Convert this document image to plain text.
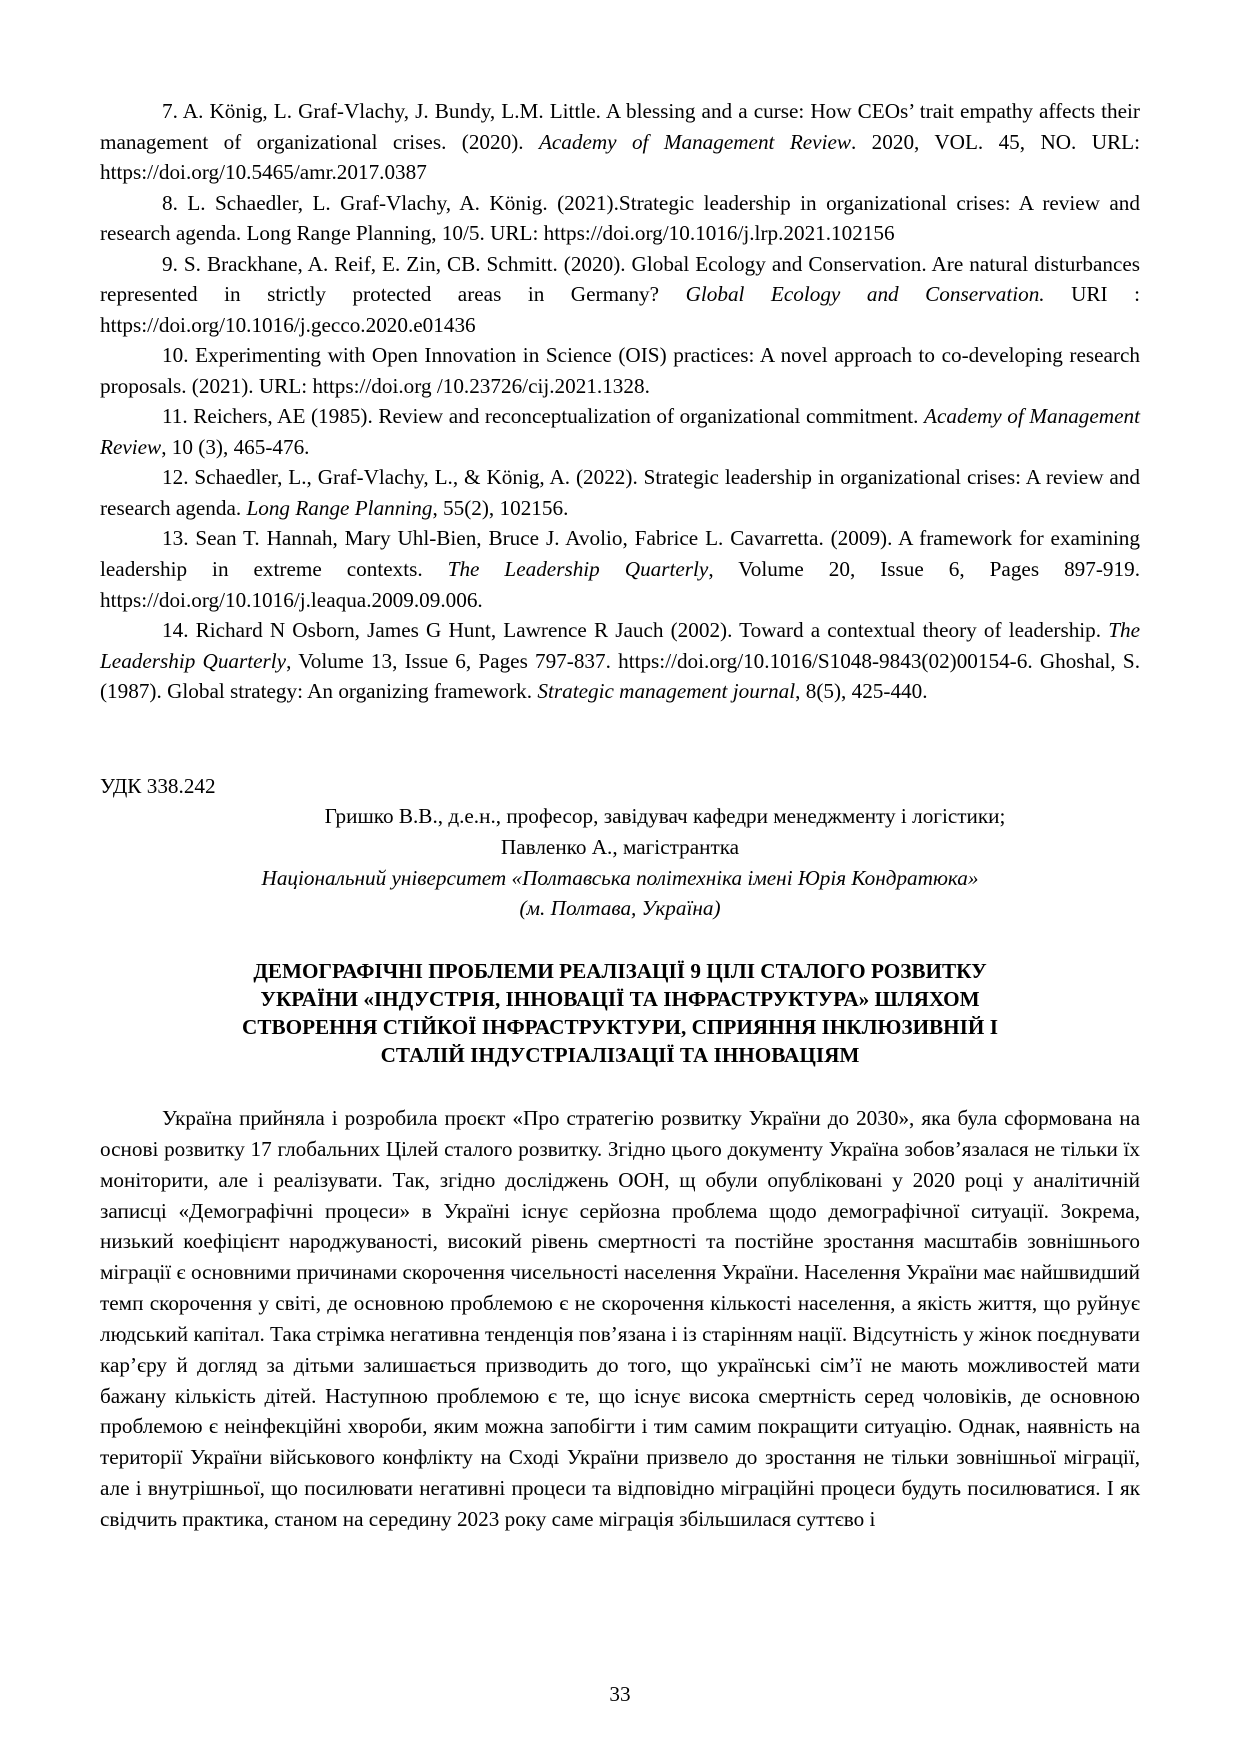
7. A. König, L. Graf-Vlachy, J. Bundy, L.M. Little. A blessing and a curse: How CEOs’ trait empathy affects their management of organizational crises. (2020). Academy of Management Review. 2020, VOL. 45, NO. URL: https://doi.org/10.5465/amr.2017.0387

8. L. Schaedler, L. Graf-Vlachy, A. König. (2021).Strategic leadership in organizational crises: A review and research agenda. Long Range Planning, 10/5. URL: https://doi.org/10.1016/j.lrp.2021.102156

9. S. Brackhane, A. Reif, E. Zin, CB. Schmitt. (2020). Global Ecology and Conservation. Are natural disturbances represented in strictly protected areas in Germany? Global Ecology and Conservation. URI : https://doi.org/10.1016/j.gecco.2020.e01436

10. Experimenting with Open Innovation in Science (OIS) practices: A novel approach to co-developing research proposals. (2021). URL: https://doi.org /10.23726/cij.2021.1328.

11. Reichers, AE (1985). Review and reconceptualization of organizational commitment. Academy of Management Review, 10 (3), 465-476.

12. Schaedler, L., Graf-Vlachy, L., & König, A. (2022). Strategic leadership in organizational crises: A review and research agenda. Long Range Planning, 55(2), 102156.

13. Sean T. Hannah, Mary Uhl-Bien, Bruce J. Avolio, Fabrice L. Cavarretta. (2009). A framework for examining leadership in extreme contexts. The Leadership Quarterly, Volume 20, Issue 6, Pages 897-919. https://doi.org/10.1016/j.leaqua.2009.09.006.

14. Richard N Osborn, James G Hunt, Lawrence R Jauch (2002). Toward a contextual theory of leadership. The Leadership Quarterly, Volume 13, Issue 6, Pages 797-837. https://doi.org/10.1016/S1048-9843(02)00154-6. Ghoshal, S. (1987). Global strategy: An organizing framework. Strategic management journal, 8(5), 425-440.

УДК 338.242

Гришко В.В., д.е.н., професор, завідувач кафедри менеджменту і логістики;

Павленко А., магістрантка

Національний університет «Полтавська політехніка імені Юрія Кондратюка»

(м. Полтава, Україна)

ДЕМОГРАФІЧНІ ПРОБЛЕМИ РЕАЛІЗАЦІЇ 9 ЦІЛІ СТАЛОГО РОЗВИТКУ
УКРАЇНИ «ІНДУСТРІЯ, ІННОВАЦІЇ ТА ІНФРАСТРУКТУРА» ШЛЯХОМ
СТВОРЕННЯ СТІЙКОЇ ІНФРАСТРУКТУРИ, СПРИЯННЯ ІНКЛЮЗИВНІЙ І
СТАЛІЙ ІНДУСТРІАЛІЗАЦІЇ ТА ІННОВАЦІЯМ

Україна прийняла і розробила проєкт «Про стратегію розвитку України до 2030», яка була сформована на основі розвитку 17 глобальних Цілей сталого розвитку. Згідно цього документу Україна зобов’язалася не тільки їх моніторити, але і реалізувати. Так, згідно досліджень ООН, щ обули опубліковані у 2020 році у аналітичній записці «Демографічні процеси» в Україні існує серйозна проблема щодо демографічної ситуації. Зокрема, низький коефіцієнт народжуваності, високий рівень смертності та постійне зростання масштабів зовнішнього міграції є основними причинами скорочення чисельності населення України. Населення України має найшвидший темп скорочення у світі, де основною проблемою є не скорочення кількості населення, а якість життя, що руйнує людський капітал. Така стрімка негативна тенденція пов’язана і із старінням нації. Відсутність у жінок поєднувати кар’єру й догляд за дітьми залишається призводить до того, що українські сім’ї не мають можливостей мати бажану кількість дітей. Наступною проблемою є те, що існує висока смертність серед чоловіків, де основною проблемою є неінфекційні хвороби, яким можна запобігти і тим самим покращити ситуацію. Однак, наявність на території України військового конфлікту на Сході України призвело до зростання не тільки зовнішньої міграції, але і внутрішньої, що посилювати негативні процеси та відповідно міграційні процеси будуть посилюватися. І як свідчить практика, станом на середину 2023 року саме міграція збільшилася суттєво і

33
